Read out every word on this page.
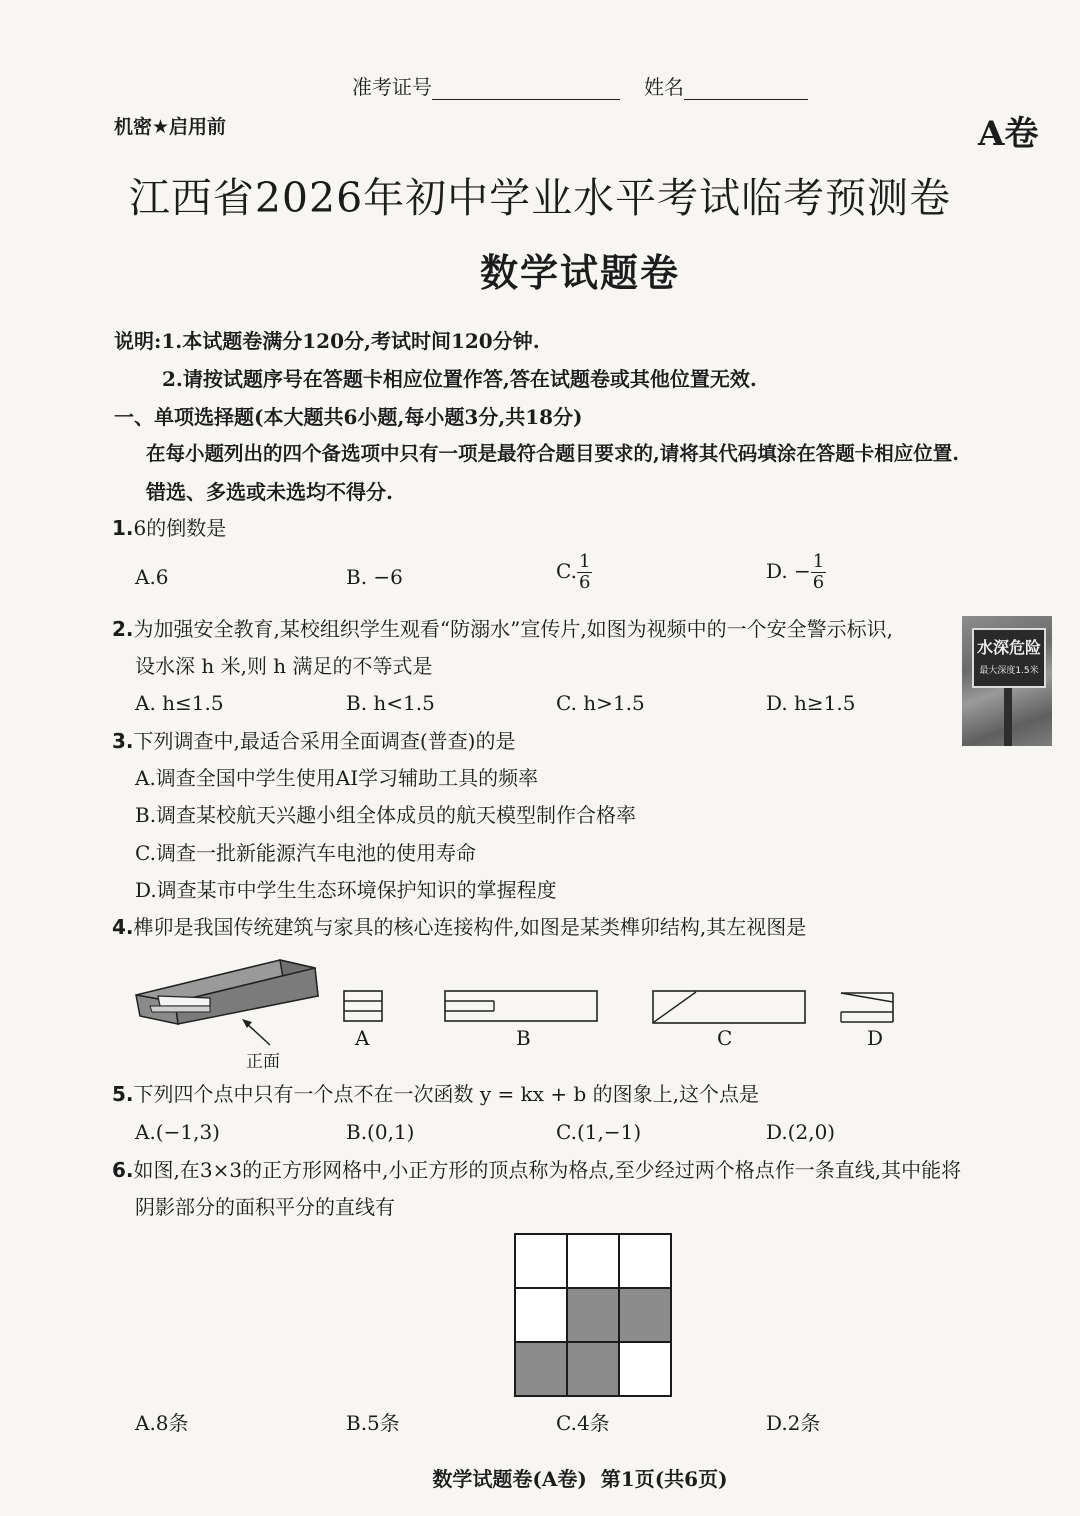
准考证号	姓名
机密★启用前	A卷
江西省2026年初中学业水平考试临考预测卷
数学试题卷
说明:1.本试题卷满分120分,考试时间120分钟.
2.请按试题序号在答题卡相应位置作答,答在试题卷或其他位置无效.
一、单项选择题(本大题共6小题,每小题3分,共18分)
在每小题列出的四个备选项中只有一项是最符合题目要求的,请将其代码填涂在答题卡相应位置.
错选、多选或未选均不得分.
1.6的倒数是
A.6	B. −6	C. $\frac{1}{6}$	D. − $\frac{1}{6}$
2.为加强安全教育,某校组织学生观看“防溺水”宣传片,如图为视频中的一个安全警示标识,
设水深 h 米,则 h 满足的不等式是
A. h≤1.5	B. h<1.5	C. h>1.5	D. h≥1.5
水深危险
最大深度1.5米
3.下列调查中,最适合采用全面调查(普查)的是
A.调查全国中学生使用AI学习辅助工具的频率
B.调查某校航天兴趣小组全体成员的航天模型制作合格率
C.调查一批新能源汽车电池的使用寿命
D.调查某市中学生生态环境保护知识的掌握程度
4.榫卯是我国传统建筑与家具的核心连接构件,如图是某类榫卯结构,其左视图是
正面
A	B	C	D
5.下列四个点中只有一个点不在一次函数 y = kx + b 的图象上,这个点是
A.(−1,3)	B.(0,1)	C.(1,−1)	D.(2,0)
6.如图,在3×3的正方形网格中,小正方形的顶点称为格点,至少经过两个格点作一条直线,其中能将
阴影部分的面积平分的直线有
A.8条	B.5条	C.4条	D.2条
数学试题卷(A卷)  第1页(共6页)
